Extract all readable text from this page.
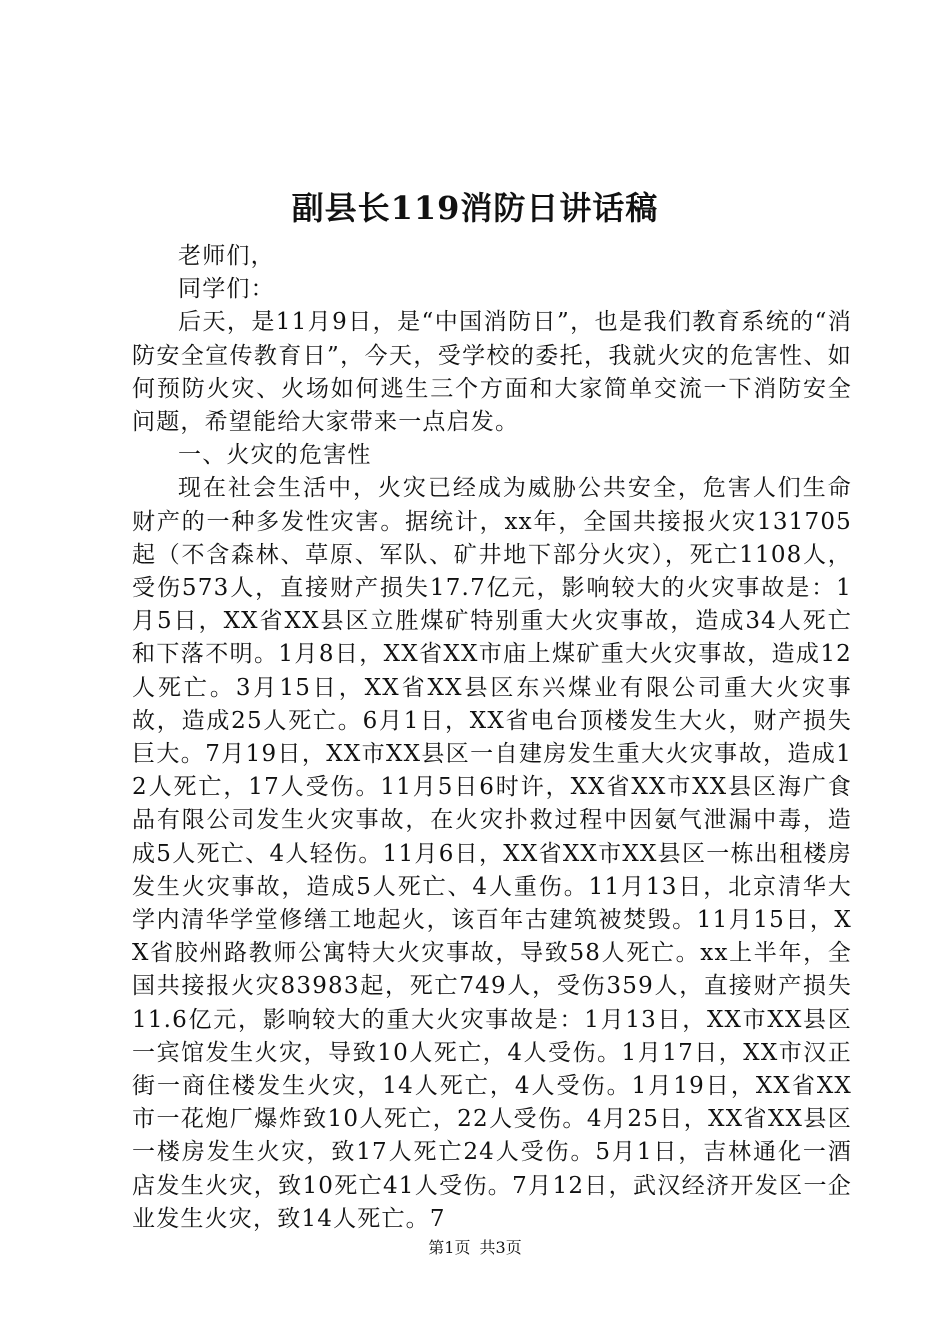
副县长119消防日讲话稿

老师们，

同学们：

后天，是11月9日，是“中国消防日”，也是我们教育系统的“消防安全宣传教育日”，今天，受学校的委托，我就火灾的危害性、如何预防火灾、火场如何逃生三个方面和大家简单交流一下消防安全问题，希望能给大家带来一点启发。

一、火灾的危害性

现在社会生活中，火灾已经成为威胁公共安全，危害人们生命财产的一种多发性灾害。据统计，xx年，全国共接报火灾131705起（不含森林、草原、军队、矿井地下部分火灾），死亡1108人，受伤573人，直接财产损失17.7亿元，影响较大的火灾事故是：1月5日，XX省XX县区立胜煤矿特别重大火灾事故，造成34人死亡和下落不明。1月8日，XX省XX市庙上煤矿重大火灾事故，造成12人死亡。3月15日，XX省XX县区东兴煤业有限公司重大火灾事故，造成25人死亡。6月1日，XX省电台顶楼发生大火，财产损失巨大。7月19日，XX市XX县区一自建房发生重大火灾事故，造成12人死亡，17人受伤。11月5日6时许，XX省XX市XX县区海广食品有限公司发生火灾事故，在火灾扑救过程中因氨气泄漏中毒，造成5人死亡、4人轻伤。11月6日，XX省XX市XX县区一栋出租楼房发生火灾事故，造成5人死亡、4人重伤。11月13日，北京清华大学内清华学堂修缮工地起火，该百年古建筑被焚毁。11月15日，XX省胶州路教师公寓特大火灾事故，导致58人死亡。xx上半年，全国共接报火灾83983起，死亡749人，受伤359人，直接财产损失11.6亿元，影响较大的重大火灾事故是：1月13日，XX市XX县区一宾馆发生火灾，导致10人死亡，4人受伤。1月17日，XX市汉正街一商住楼发生火灾，14人死亡，4人受伤。1月19日，XX省XX市一花炮厂爆炸致10人死亡，22人受伤。4月25日，XX省XX县区一楼房发生火灾，致17人死亡24人受伤。5月1日，吉林通化一酒店发生火灾，致10死亡41人受伤。7月12日，武汉经济开发区一企业发生火灾，致14人死亡。7

第1页 共3页
